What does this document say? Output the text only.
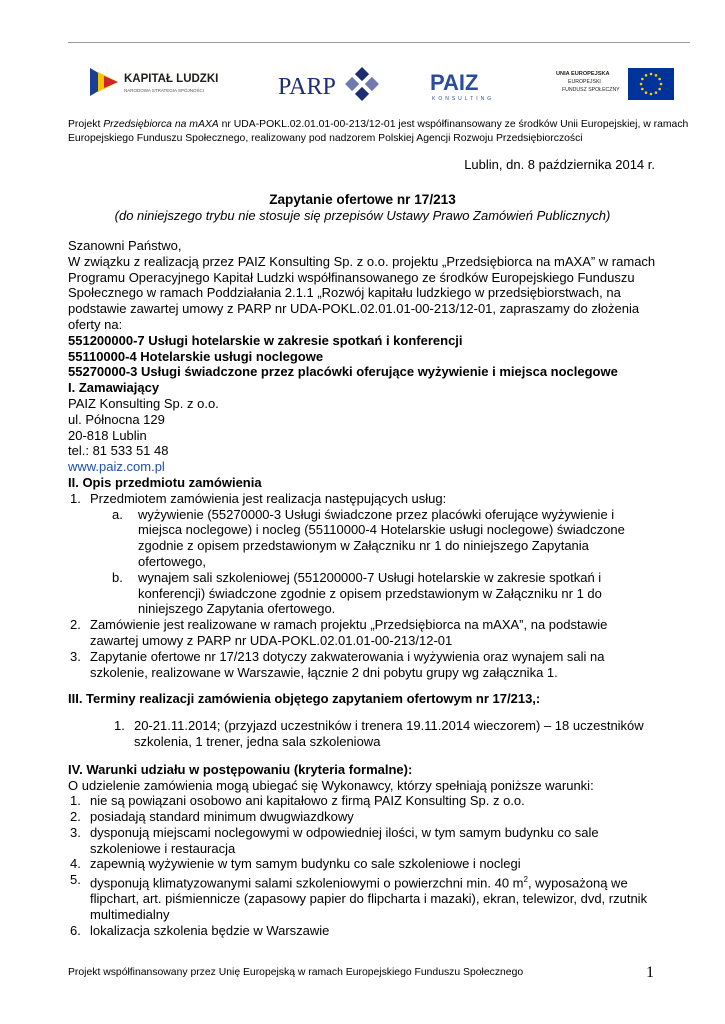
KAPITAŁ LUDZKI
NARODOWA STRATEGIA SPÓJNOŚCI	PARP	PAIZ
KONSULTING
UNIA EUROPEJSKA
EUROPEJSKI
FUNDUSZ SPOŁECZNY
Projekt Przedsiębiorca na mAXA nr UDA-POKL.02.01.01-00-213/12-01 jest współfinansowany ze środków Unii Europejskiej, w ramach Europejskiego Funduszu Społecznego, realizowany pod nadzorem Polskiej Agencji Rozwoju Przedsiębiorczości
Lublin, dn. 8 października 2014 r.
Zapytanie ofertowe nr 17/213
(do niniejszego trybu nie stosuje się przepisów Ustawy Prawo Zamówień Publicznych)

Szanowni Państwo,

W związku z realizacją przez PAIZ Konsulting Sp. z o.o. projektu „Przedsiębiorca na mAXA” w ramach Programu Operacyjnego Kapitał Ludzki współfinansowanego ze środków Europejskiego Funduszu Społecznego w ramach Poddziałania 2.1.1 „Rozwój kapitału ludzkiego w przedsiębiorstwach, na podstawie zawartej umowy z PARP nr UDA-POKL.02.01.01-00-213/12-01, zapraszamy do złożenia oferty na:

551200000-7 Usługi hotelarskie w zakresie spotkań i konferencji

55110000-4 Hotelarskie usługi noclegowe

55270000-3 Usługi świadczone przez placówki oferujące wyżywienie i miejsca noclegowe

I. Zamawiający

PAIZ Konsulting Sp. z o.o.

ul. Północna 129

20-818 Lublin

tel.: 81 533 51 48

www.paiz.com.pl

II. Opis przedmiotu zamówienia

1. Przedmiotem zamówienia jest realizacja następujących usług:
a. wyżywienie (55270000-3 Usługi świadczone przez placówki oferujące wyżywienie i miejsca noclegowe) i nocleg (55110000-4 Hotelarskie usługi noclegowe) świadczone zgodnie z opisem przedstawionym w Załączniku nr 1 do niniejszego Zapytania ofertowego,
b. wynajem sali szkoleniowej (551200000-7 Usługi hotelarskie w zakresie spotkań i konferencji) świadczone zgodnie z opisem przedstawionym w Załączniku nr 1 do niniejszego Zapytania ofertowego.
2. Zamówienie jest realizowane w ramach projektu „Przedsiębiorca na mAXA”, na podstawie zawartej umowy z PARP nr UDA-POKL.02.01.01-00-213/12-01
3. Zapytanie ofertowe nr 17/213 dotyczy zakwaterowania i wyżywienia oraz wynajem sali na szkolenie, realizowane w Warszawie, łącznie 2 dni pobytu grupy wg załącznika 1.

III. Terminy realizacji zamówienia objętego zapytaniem ofertowym nr 17/213,:

1. 20-21.11.2014; (przyjazd uczestników i trenera 19.11.2014 wieczorem) – 18 uczestników szkolenia, 1 trener, jedna sala szkoleniowa

IV. Warunki udziału w postępowaniu (kryteria formalne):

O udzielenie zamówienia mogą ubiegać się Wykonawcy, którzy spełniają poniższe warunki:

1. nie są powiązani osobowo ani kapitałowo z firmą PAIZ Konsulting Sp. z o.o.
2. posiadają standard minimum dwugwiazdkowy
3. dysponują miejscami noclegowymi w odpowiedniej ilości, w tym samym budynku co sale szkoleniowe i restauracja
4. zapewnią wyżywienie w tym samym budynku co sale szkoleniowe i noclegi
5. dysponują klimatyzowanymi salami szkoleniowymi o powierzchni min. 40 $m^2$, wyposażoną we flipchart, art. piśmiennicze (zapasowy papier do flipcharta i mazaki), ekran, telewizor, dvd, rzutnik multimedialny
6. lokalizacja szkolenia będzie w Warszawie
Projekt współfinansowany przez Unię Europejską w ramach Europejskiego Funduszu Społecznego	1
